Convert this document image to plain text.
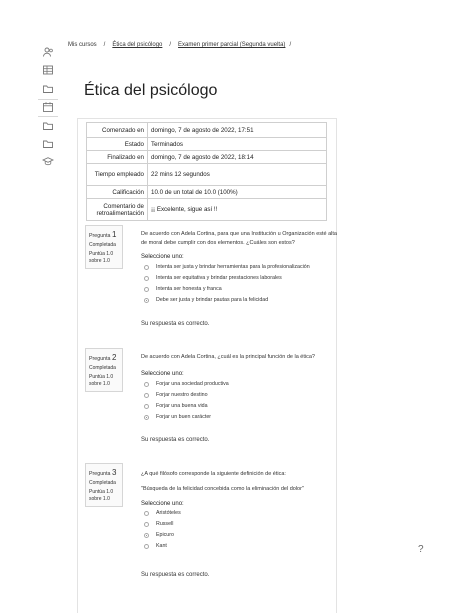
Mis cursos / Ética del psicólogo / Examen primer parcial (Segunda vuelta) /
Ética del psicólogo
Comenzado en	domingo, 7 de agosto de 2022, 17:51
Estado	Terminados
Finalizado en	domingo, 7 de agosto de 2022, 18:14
Tiempo empleado	22 mins 12 segundos
Calificación	10.0 de un total de 10.0 (100%)
Comentario de retroalimentación	¡¡ Excelente, sigue así !!
Pregunta 1
Completada
Puntúa 1.0 sobre 1.0
De acuerdo con Adela Cortina, para que una Institución u Organización esté alta de moral debe cumplir con dos elementos. ¿Cuáles son estos?
Seleccione uno:
Intenta ser justa y brindar herramientas para la profesionalización
Intenta ser equitativa y brindar prestaciones laborales
Intenta ser honesta y franca
Debe ser justa y brindar pautas para la felicidad
Su respuesta es correcto.
Pregunta 2
Completada
Puntúa 1.0 sobre 1.0
De acuerdo con Adela Cortina, ¿cuál es la principal función de la ética?
Seleccione uno:
Forjar una sociedad productiva
Forjar nuestro destino
Forjar una buena vida
Forjar un buen carácter
Su respuesta es correcto.
Pregunta 3
Completada
Puntúa 1.0 sobre 1.0
¿A qué filósofo corresponde la siguiente definición de ética:
"Búsqueda de la felicidad concebida como la eliminación del dolor"
Seleccione uno:
Aristóteles
Russell
Epicuro
Kant
Su respuesta es correcto.
?
